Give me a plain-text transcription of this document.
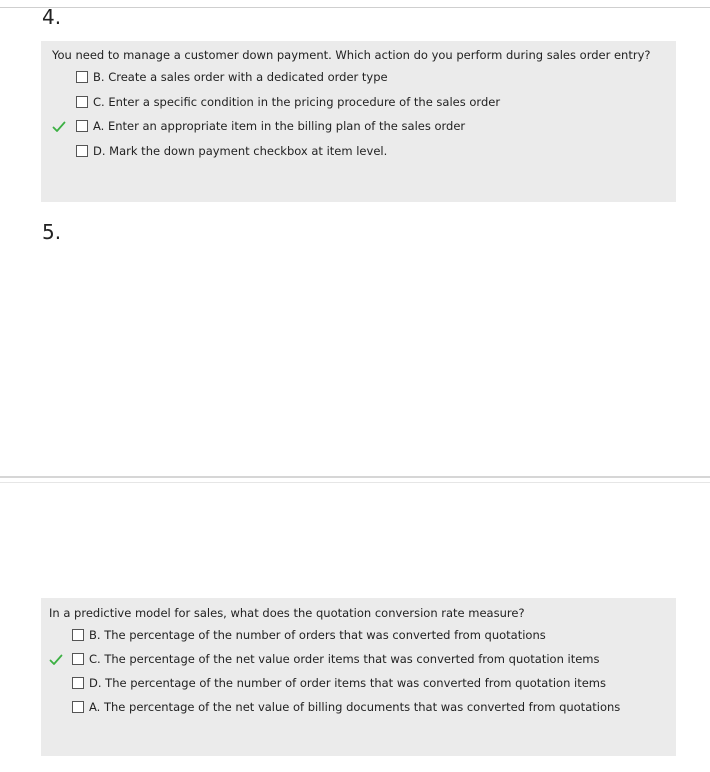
4.
You need to manage a customer down payment. Which action do you perform during sales order entry?
B. Create a sales order with a dedicated order type
C. Enter a specific condition in the pricing procedure of the sales order
A. Enter an appropriate item in the billing plan of the sales order
D. Mark the down payment checkbox at item level.
5.
In a predictive model for sales, what does the quotation conversion rate measure?
B. The percentage of the number of orders that was converted from quotations
C. The percentage of the net value order items that was converted from quotation items
D. The percentage of the number of order items that was converted from quotation items
A. The percentage of the net value of billing documents that was converted from quotations
